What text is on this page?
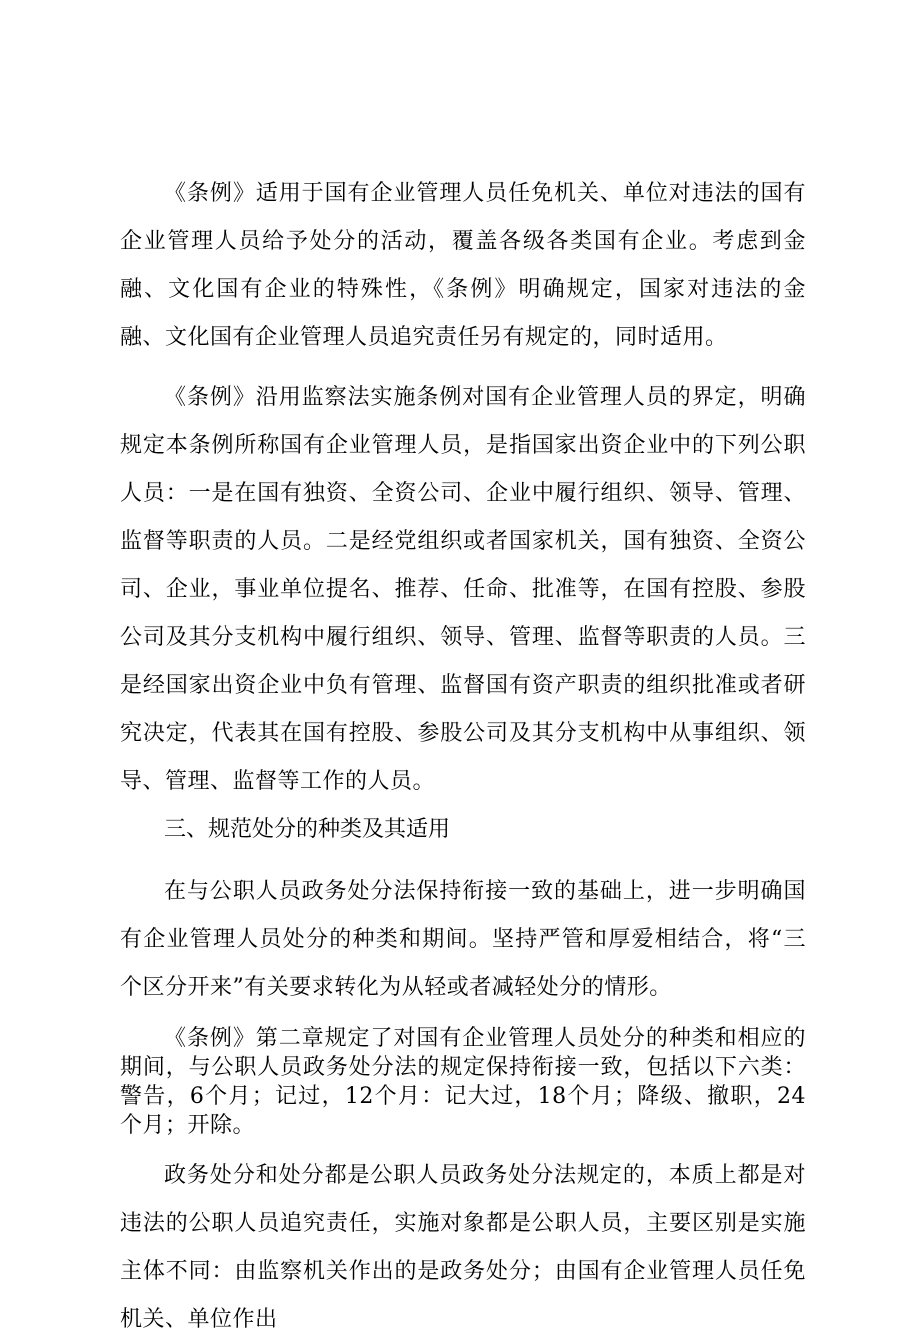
《条例》适用于国有企业管理人员任免机关、单位对违法的国有企业管理人员给予处分的活动，覆盖各级各类国有企业。考虑到金融、文化国有企业的特殊性，《条例》明确规定，国家对违法的金融、文化国有企业管理人员追究责任另有规定的，同时适用。

《条例》沿用监察法实施条例对国有企业管理人员的界定，明确规定本条例所称国有企业管理人员，是指国家出资企业中的下列公职人员：一是在国有独资、全资公司、企业中履行组织、领导、管理、监督等职责的人员。二是经党组织或者国家机关，国有独资、全资公司、企业，事业单位提名、推荐、任命、批准等，在国有控股、参股公司及其分支机构中履行组织、领导、管理、监督等职责的人员。三是经国家出资企业中负有管理、监督国有资产职责的组织批准或者研究决定，代表其在国有控股、参股公司及其分支机构中从事组织、领导、管理、监督等工作的人员。

三、规范处分的种类及其适用

在与公职人员政务处分法保持衔接一致的基础上，进一步明确国有企业管理人员处分的种类和期间。坚持严管和厚爱相结合，将“三个区分开来”有关要求转化为从轻或者减轻处分的情形。

《条例》第二章规定了对国有企业管理人员处分的种类和相应的期间，与公职人员政务处分法的规定保持衔接一致，包括以下六类：警告，6个月；记过，12个月：记大过，18个月；降级、撤职，24个月；开除。

政务处分和处分都是公职人员政务处分法规定的，本质上都是对违法的公职人员追究责任，实施对象都是公职人员，主要区别是实施主体不同：由监察机关作出的是政务处分；由国有企业管理人员任免机关、单位作出
